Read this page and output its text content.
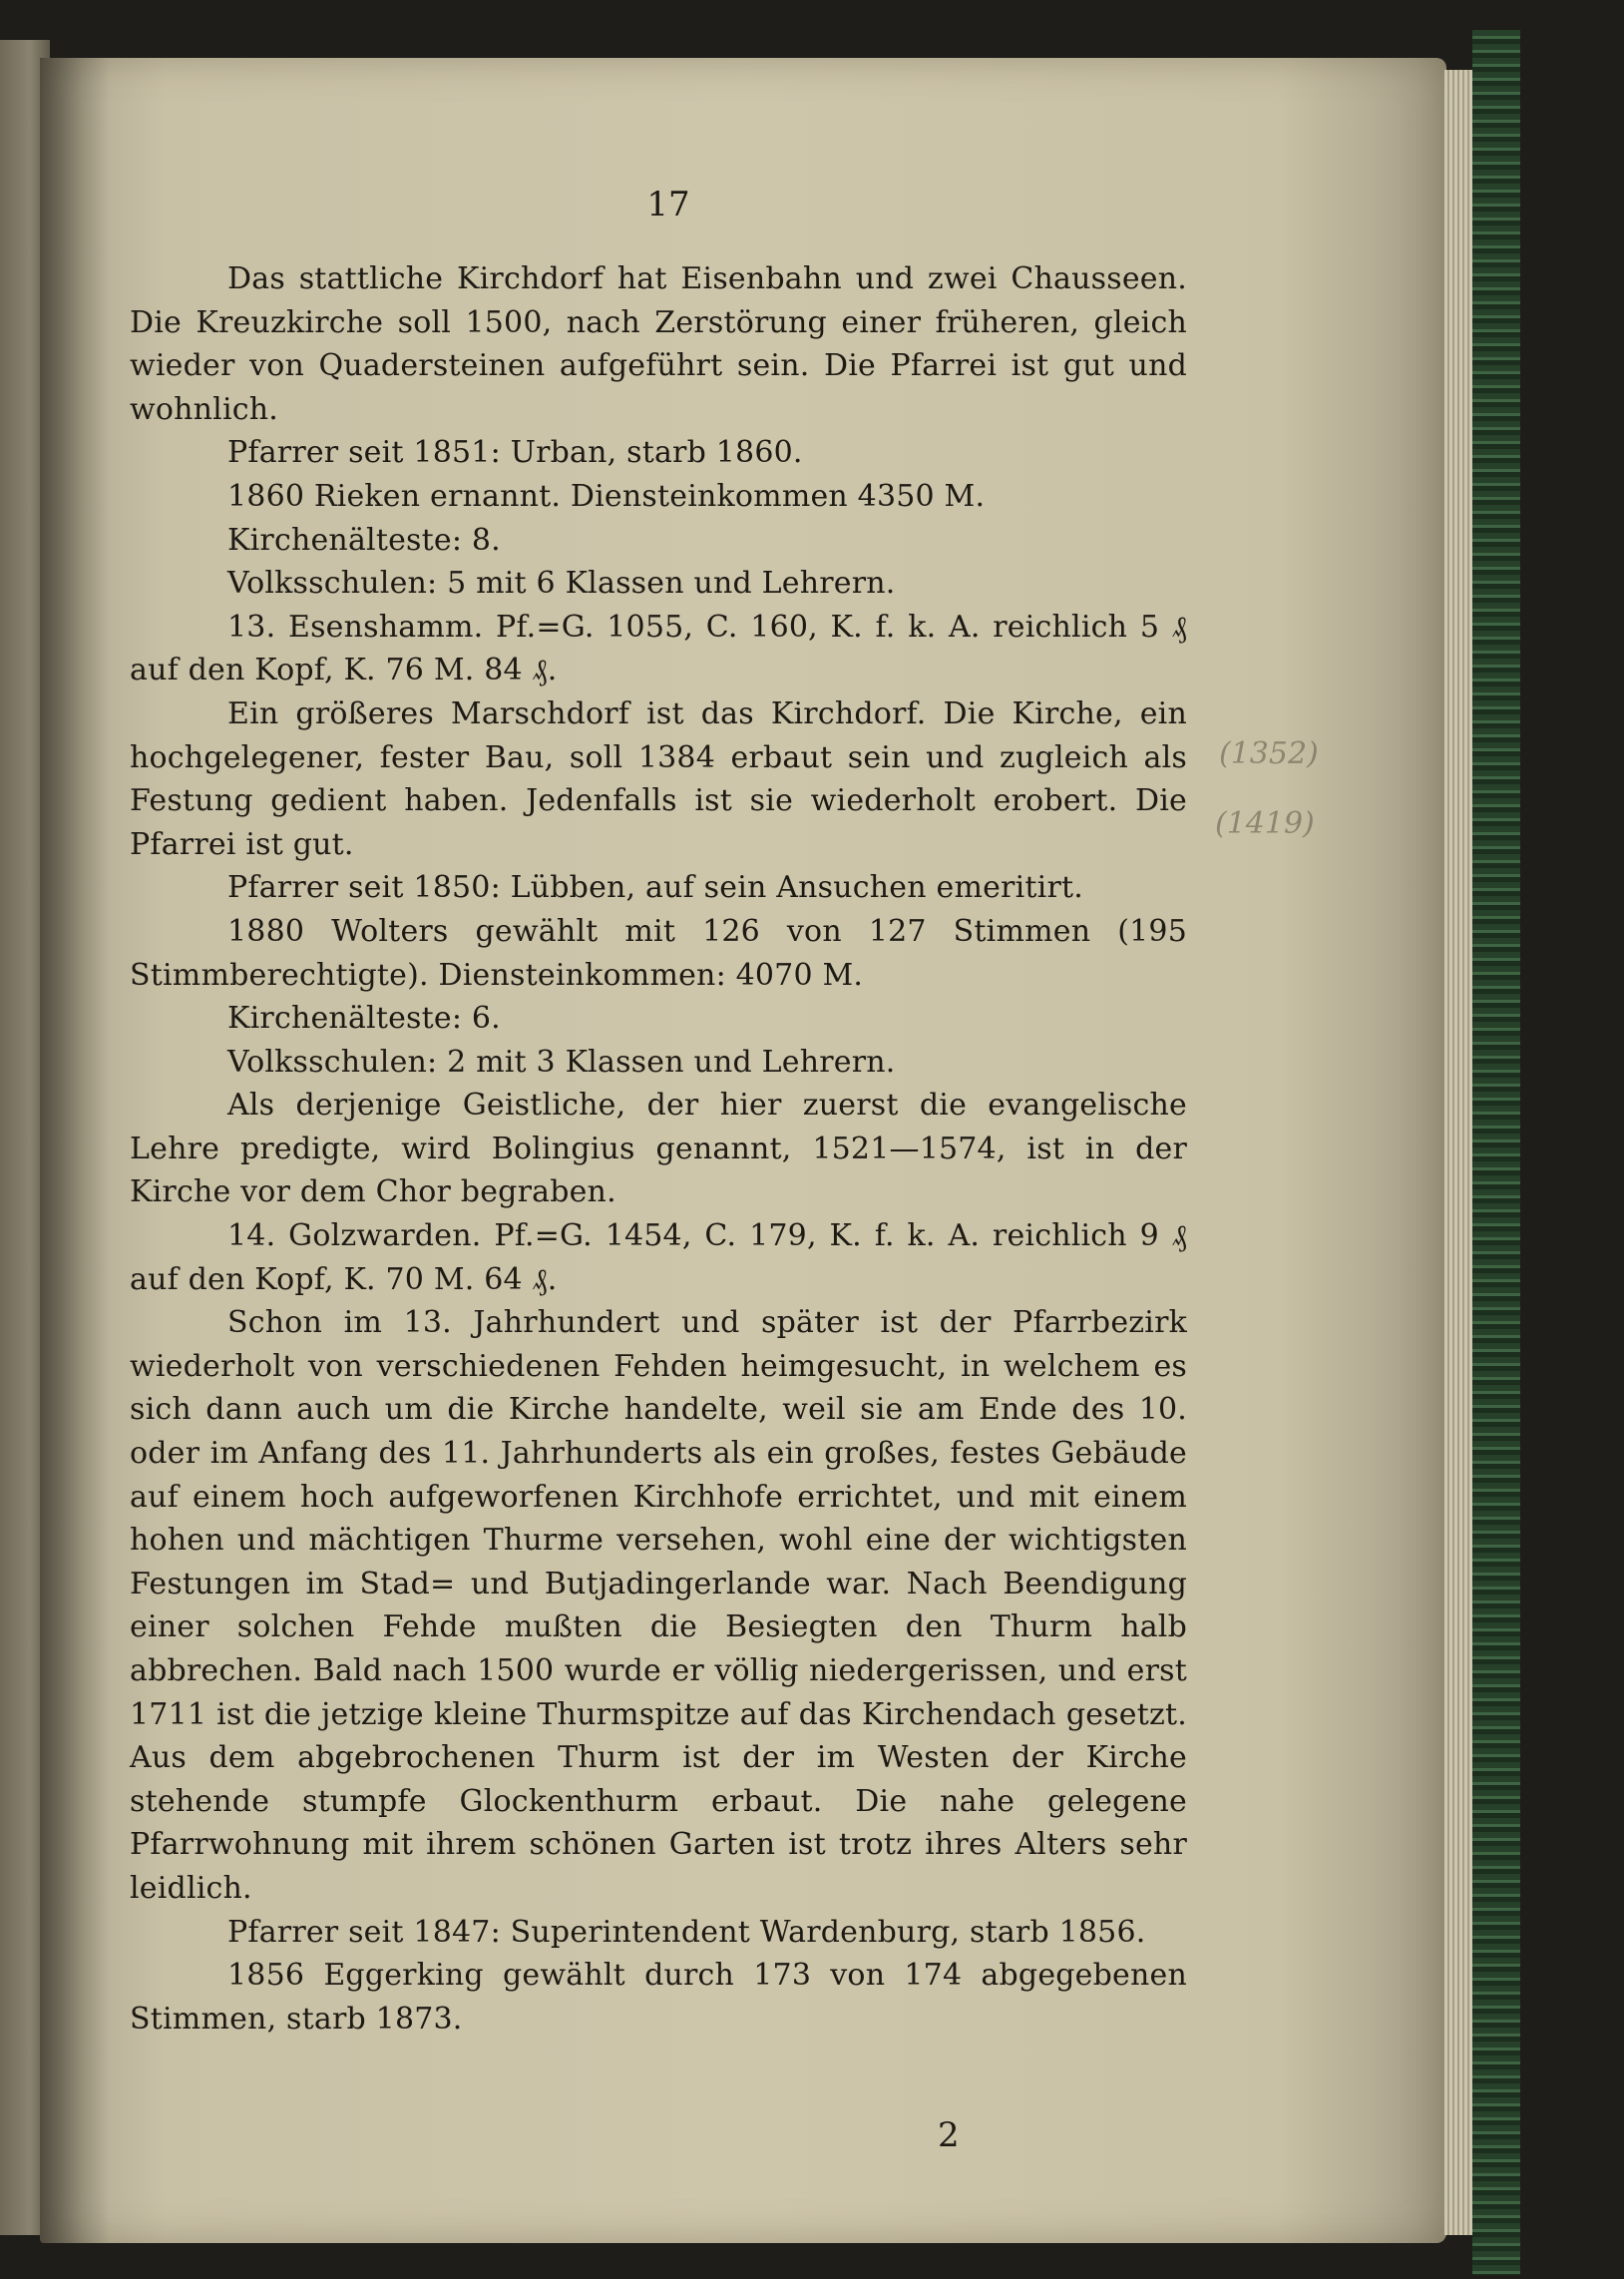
17

Das stattliche Kirchdorf hat Eisenbahn und zwei Chausseen. Die Kreuzkirche soll 1500, nach Zerstörung einer früheren, gleich wieder von Quadersteinen aufgeführt sein. Die Pfarrei ist gut und wohnlich.

Pfarrer seit 1851: Urban, starb 1860.

1860 Rieken ernannt. Diensteinkommen 4350 M.

Kirchenälteste: 8.

Volksschulen: 5 mit 6 Klassen und Lehrern.

13. Esenshamm. Pf.=G. 1055, C. 160, K. f. k. A. reichlich 5 ₰ auf den Kopf, K. 76 M. 84 ₰.

Ein größeres Marschdorf ist das Kirchdorf. Die Kirche, ein hochgelegener, fester Bau, soll 1384 erbaut sein und zugleich als Festung gedient haben. Jedenfalls ist sie wiederholt erobert. Die Pfarrei ist gut.

Pfarrer seit 1850: Lübben, auf sein Ansuchen emeritirt.

1880 Wolters gewählt mit 126 von 127 Stimmen (195 Stimmberechtigte). Diensteinkommen: 4070 M.

Kirchenälteste: 6.

Volksschulen: 2 mit 3 Klassen und Lehrern.

Als derjenige Geistliche, der hier zuerst die evangelische Lehre predigte, wird Bolingius genannt, 1521—1574, ist in der Kirche vor dem Chor begraben.

14. Golzwarden. Pf.=G. 1454, C. 179, K. f. k. A. reichlich 9 ₰ auf den Kopf, K. 70 M. 64 ₰.

Schon im 13. Jahrhundert und später ist der Pfarrbezirk wiederholt von verschiedenen Fehden heimgesucht, in welchem es sich dann auch um die Kirche handelte, weil sie am Ende des 10. oder im Anfang des 11. Jahrhunderts als ein großes, festes Gebäude auf einem hoch aufgeworfenen Kirchhofe errichtet, und mit einem hohen und mächtigen Thurme versehen, wohl eine der wichtigsten Festungen im Stad= und Butjadingerlande war. Nach Beendigung einer solchen Fehde mußten die Besiegten den Thurm halb abbrechen. Bald nach 1500 wurde er völlig niedergerissen, und erst 1711 ist die jetzige kleine Thurmspitze auf das Kirchendach gesetzt. Aus dem abgebrochenen Thurm ist der im Westen der Kirche stehende stumpfe Glockenthurm erbaut. Die nahe gelegene Pfarrwohnung mit ihrem schönen Garten ist trotz ihres Alters sehr leidlich.

Pfarrer seit 1847: Superintendent Wardenburg, starb 1856.

1856 Eggerking gewählt durch 173 von 174 abgegebenen Stimmen, starb 1873.

(1352)
(1419)
2
